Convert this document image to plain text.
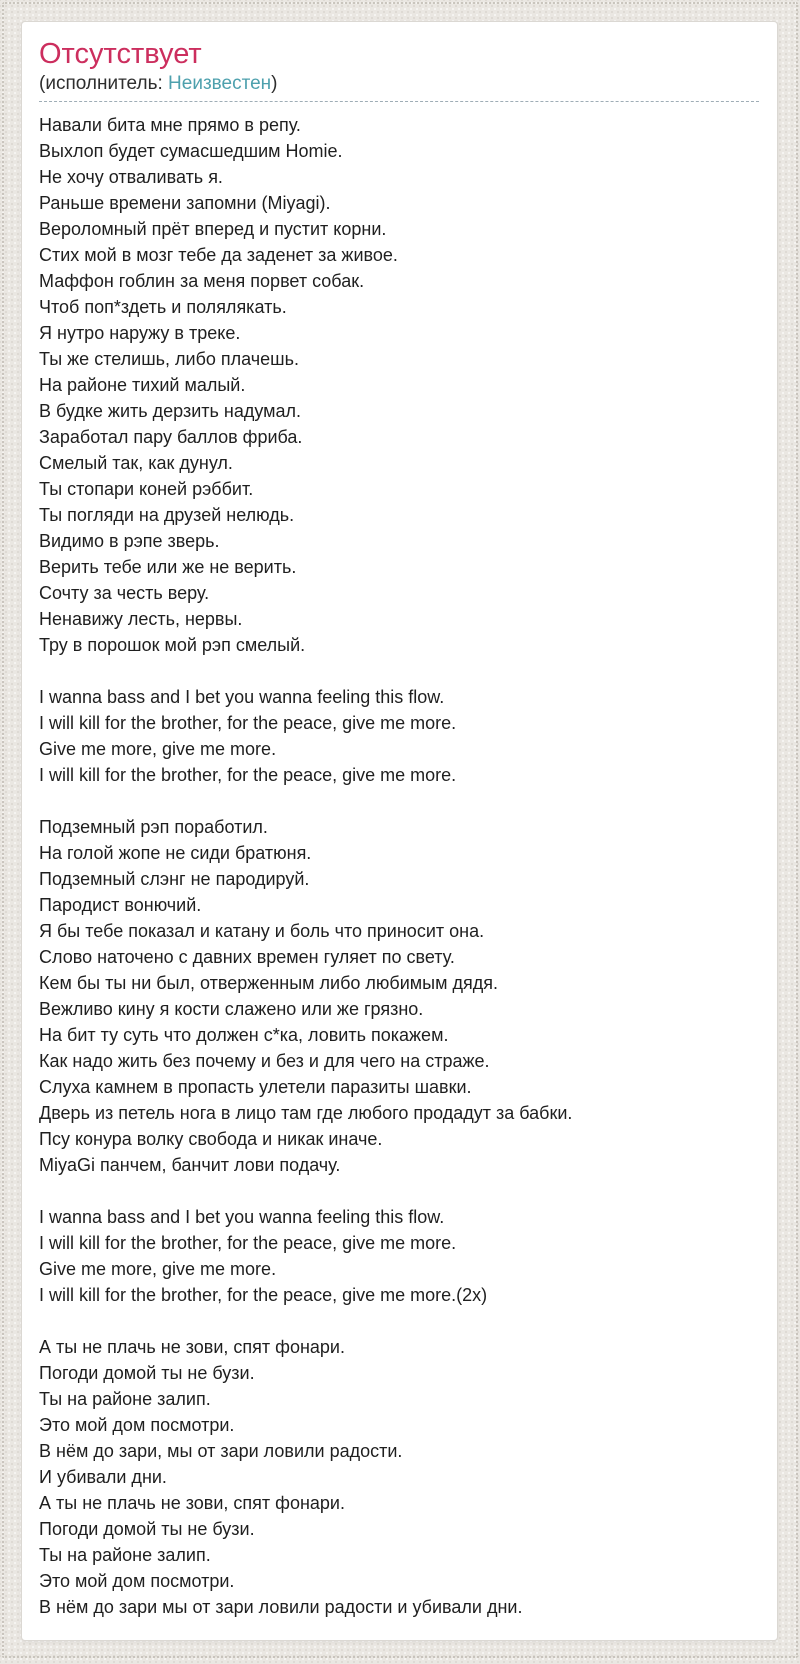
Отсутствует
(исполнитель: Неизвестен)

Навали бита мне прямо в репу.
Выхлоп будет сумасшедшим Homie.
Не хочу отваливать я.
Раньше времени запомни (Miyagi).
Вероломный прёт вперед и пустит корни.
Стих мой в мозг тебе да заденет за живое.
Маффон гоблин за меня порвет собак.
Чтоб поп*здеть и полялякать.
Я нутро наружу в треке.
Ты же стелишь, либо плачешь.
На районе тихий малый.
В будке жить дерзить надумал.
Заработал пару баллов фриба.
Смелый так, как дунул.
Ты стопари коней рэббит.
Ты погляди на друзей нелюдь.
Видимо в рэпе зверь.
Верить тебе или же не верить.
Сочту за честь веру.
Ненавижу лесть, нервы.
Тру в порошок мой рэп смелый.

I wanna bass and I bet you wanna feeling this flow.
I will kill for the brother, for the peace, give me more.
Give me more, give me more.
I will kill for the brother, for the peace, give me more.

Подземный рэп поработил.
На голой жопе не сиди братюня.
Подземный слэнг не пародируй.
Пародист вонючий.
Я бы тебе показал и катану и боль что приносит она.
Слово наточено с давних времен гуляет по свету.
Кем бы ты ни был, отверженным либо любимым дядя.
Вежливо кину я кости слажено или же грязно.
На бит ту суть что должен с*ка, ловить покажем.
Как надо жить без почему и без и для чего на страже.
Слуха камнем в пропасть улетели паразиты шавки.
Дверь из петель нога в лицо там где любого продадут за бабки.
Псу конура волку свобода и никак иначе.
MiyaGi панчем, банчит лови подачу.

I wanna bass and I bet you wanna feeling this flow.
I will kill for the brother, for the peace, give me more.
Give me more, give me more.
I will kill for the brother, for the peace, give me more.(2x)

А ты не плачь не зови, спят фонари.
Погоди домой ты не бузи.
Ты на районе залип.
Это мой дом посмотри.
В нём до зари, мы от зари ловили радости.
И убивали дни.
А ты не плачь не зови, спят фонари.
Погоди домой ты не бузи.
Ты на районе залип.
Это мой дом посмотри.
В нём до зари мы от зари ловили радости и убивали дни.
